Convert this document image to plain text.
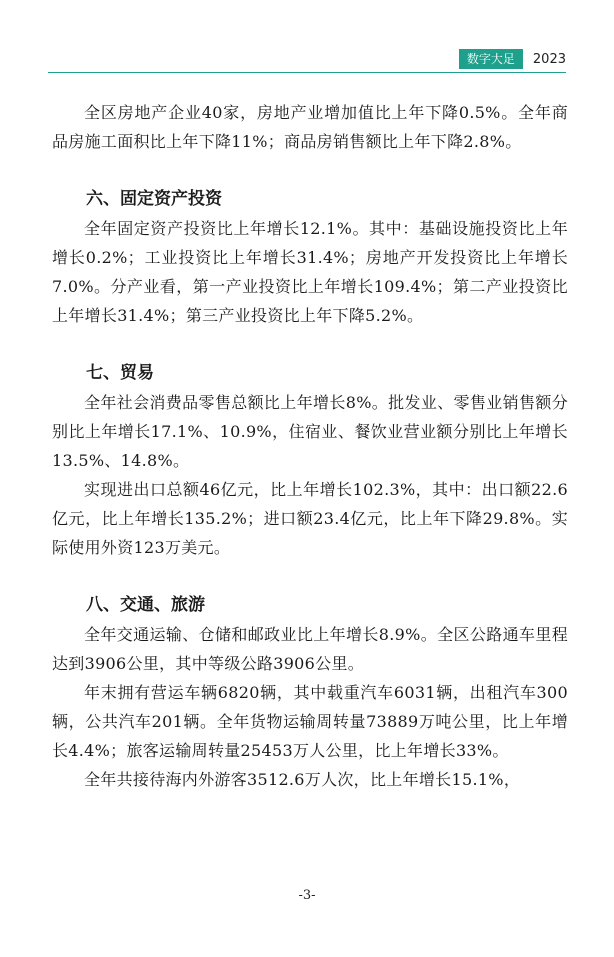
数字大足	2023

全区房地产企业40家，房地产业增加值比上年下降0.5%。全年商品房施工面积比上年下降11%；商品房销售额比上年下降2.8%。

六、固定资产投资

全年固定资产投资比上年增长12.1%。其中：基础设施投资比上年增长0.2%；工业投资比上年增长31.4%；房地产开发投资比上年增长7.0%。分产业看，第一产业投资比上年增长109.4%；第二产业投资比上年增长31.4%；第三产业投资比上年下降5.2%。

七、贸易

全年社会消费品零售总额比上年增长8%。批发业、零售业销售额分别比上年增长17.1%、10.9%，住宿业、餐饮业营业额分别比上年增长13.5%、14.8%。

实现进出口总额46亿元，比上年增长102.3%，其中：出口额22.6亿元，比上年增长135.2%；进口额23.4亿元，比上年下降29.8%。实际使用外资123万美元。

八、交通、旅游

全年交通运输、仓储和邮政业比上年增长8.9%。全区公路通车里程达到3906公里，其中等级公路3906公里。

年末拥有营运车辆6820辆，其中载重汽车6031辆，出租汽车300辆，公共汽车201辆。全年货物运输周转量73889万吨公里，比上年增长4.4%；旅客运输周转量25453万人公里，比上年增长33%。

全年共接待海内外游客3512.6万人次，比上年增长15.1%，

-3-
